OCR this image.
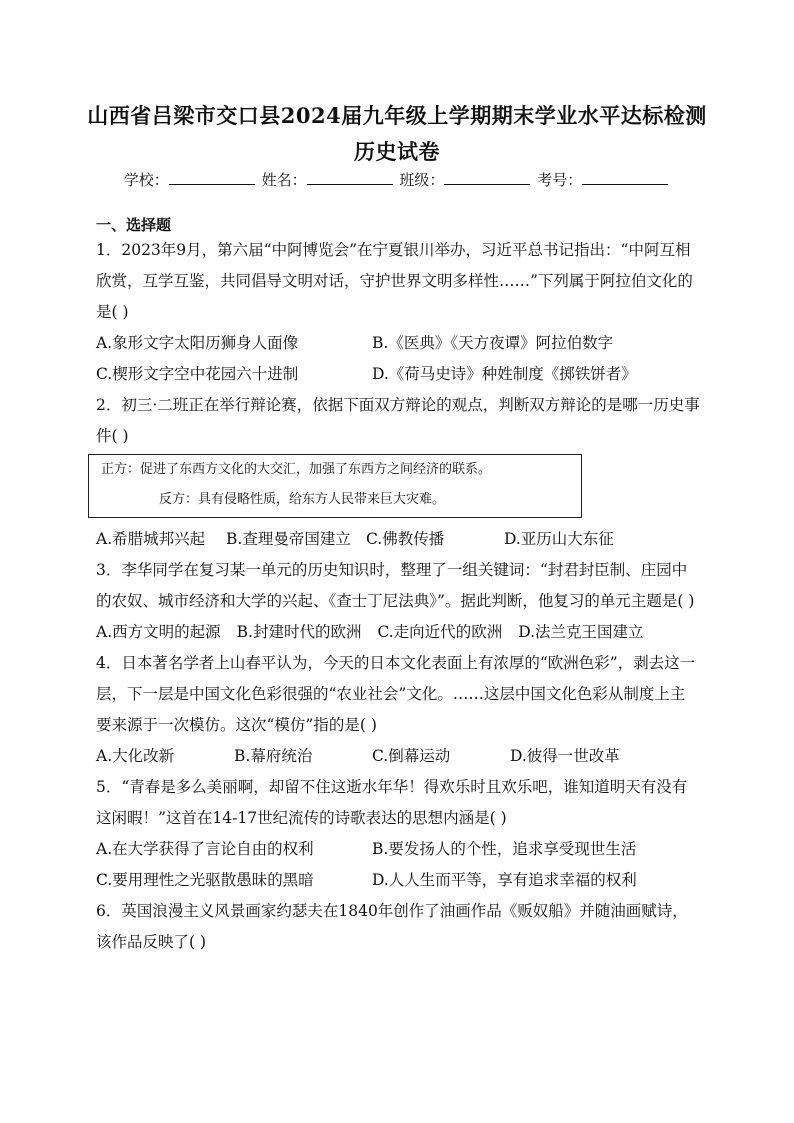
山西省吕梁市交口县2024届九年级上学期期末学业水平达标检测历史试卷
学校：	姓名：	班级：	考号：
一、选择题

1．2023年9月，第六届“中阿博览会”在宁夏银川举办，习近平总书记指出：“中阿互相欣赏，互学互鉴，共同倡导文明对话，守护世界文明多样性……”下列属于阿拉伯文化的是( )

A.象形文字太阳历狮身人面像	B.《医典》《天方夜谭》阿拉伯数字
C.楔形文字空中花园六十进制	D.《荷马史诗》种姓制度《掷铁饼者》

2．初三·二班正在举行辩论赛，依据下面双方辩论的观点，判断双方辩论的是哪一历史事件( )

正方：促进了东西方文化的大交汇，加强了东西方之间经济的联系。
反方：具有侵略性质，给东方人民带来巨大灾难。
A.希腊城邦兴起	B.查理曼帝国建立 C.佛教传播	D.亚历山大东征

3．李华同学在复习某一单元的历史知识时，整理了一组关键词：“封君封臣制、庄园中的农奴、城市经济和大学的兴起、《查士丁尼法典》”。据此判断，他复习的单元主题是( )

A.西方文明的起源 B.封建时代的欧洲 C.走向近代的欧洲 D.法兰克王国建立

4．日本著名学者上山春平认为，今天的日本文化表面上有浓厚的“欧洲色彩”，剥去这一层，下一层是中国文化色彩很强的“农业社会”文化。……这层中国文化色彩从制度上主要来源于一次模仿。这次“模仿”指的是( )

A.大化改新	B.幕府统治	C.倒幕运动	D.彼得一世改革

5．“青春是多么美丽啊，却留不住这逝水年华！得欢乐时且欢乐吧，谁知道明天有没有这闲暇！”这首在14-17世纪流传的诗歌表达的思想内涵是( )

A.在大学获得了言论自由的权利	B.要发扬人的个性，追求享受现世生活
C.要用理性之光驱散愚昧的黑暗	D.人人生而平等，享有追求幸福的权利

6．英国浪漫主义风景画家约瑟夫在1840年创作了油画作品《贩奴船》并随油画赋诗，该作品反映了( )
